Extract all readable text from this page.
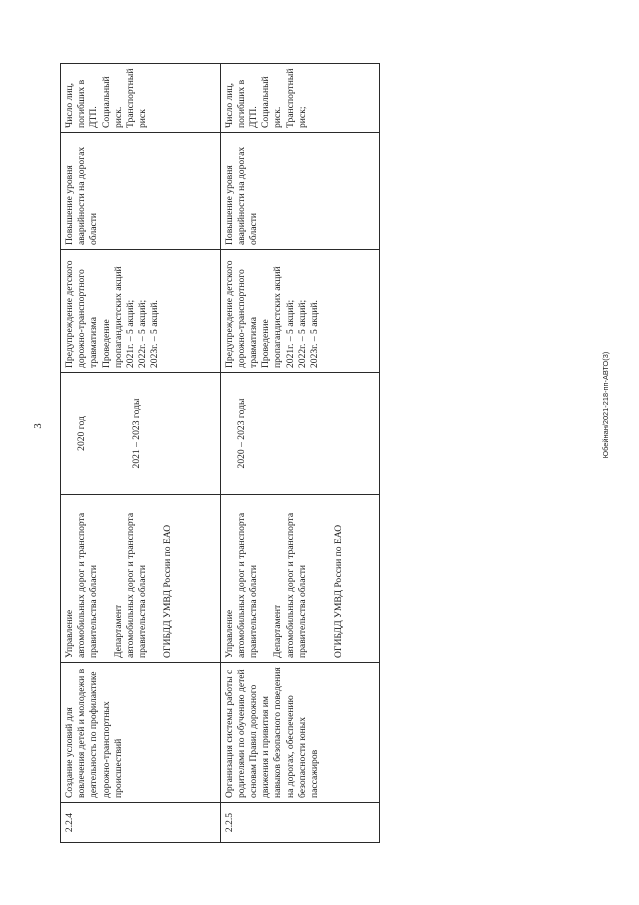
3	Юбейнан/2021-218-пп-АВТО(3)
2.2.4
Создание условий для вовлечения детей и молодежи в деятельность по профилактике дорожно-транспортных происшествий
Управление
автомобильных дорог и транспорта
правительства области

Департамент
автомобильных дорог и транспорта
правительства области

ОГИБДД УМВД России по ЕАО

2020 год	2021 – 2023 годы

Предупреждение детского дорожно-транспортного травматизма
Проведение пропагандистских акций
2021г. – 5 акций;
2022г. – 5 акций;
2023г. – 5 акций.
Повышение уровня аварийности на дорогах области
Число лиц, погибших в ДТП.
Социальный риск.
Транспортный риск
2.2.5
Организация системы работы с родителями по обучению детей основам Правил дорожного движения и привития им навыков безопасного поведения на дорогах, обеспечению безопасности юных пассажиров
Управление
автомобильных дорог и транспорта
правительства области

Департамент
автомобильных дорог и транспорта
правительства области

ОГИБДД УМВД России по ЕАО

2020 – 2023 годы

Предупреждение детского дорожно-транспортного травматизма
Проведение пропагандистских акций
2021г. – 5 акций;
2022г. – 5 акций;
2023г. – 5 акций.
Повышение уровня аварийности на дорогах области
Число лиц, погибших в ДТП.
Социальный риск.
Транспортный риск;
